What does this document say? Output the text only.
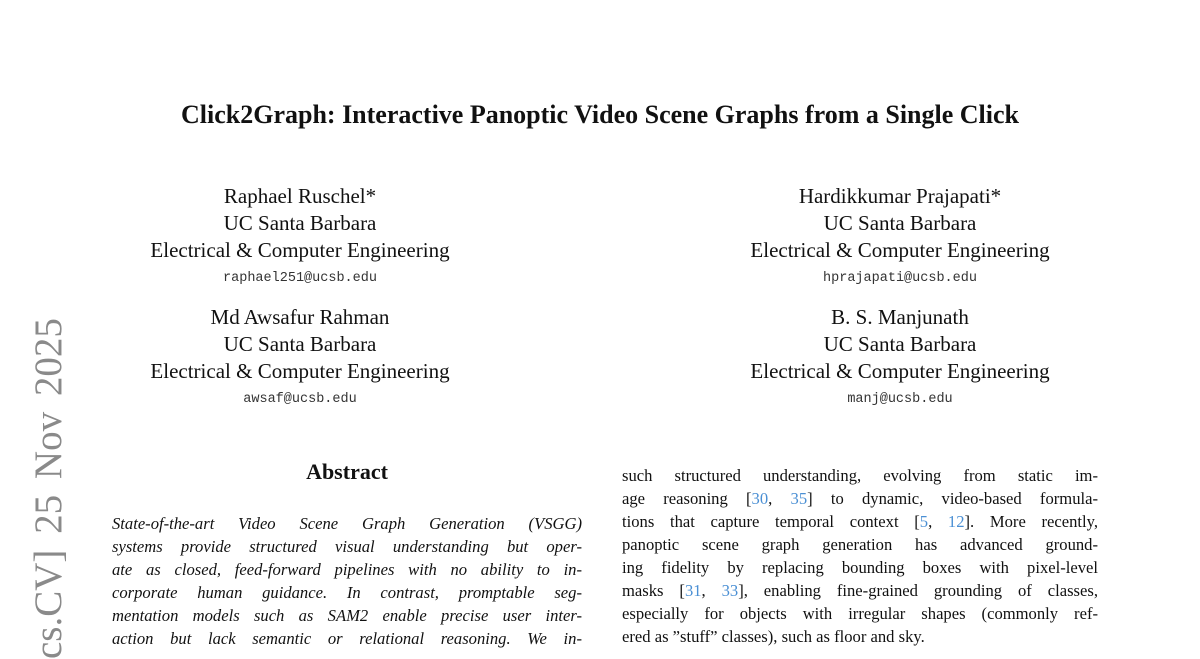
cs.CV] 25 Nov 2025
Click2Graph: Interactive Panoptic Video Scene Graphs from a Single Click
Raphael Ruschel*
UC Santa Barbara
Electrical & Computer Engineering
raphael251@ucsb.edu
Hardikkumar Prajapati*
UC Santa Barbara
Electrical & Computer Engineering
hprajapati@ucsb.edu
Md Awsafur Rahman
UC Santa Barbara
Electrical & Computer Engineering
awsaf@ucsb.edu
B. S. Manjunath
UC Santa Barbara
Electrical & Computer Engineering
manj@ucsb.edu
Abstract
State-of-the-art Video Scene Graph Generation (VSGG)
systems provide structured visual understanding but oper-
ate as closed, feed-forward pipelines with no ability to in-
corporate human guidance. In contrast, promptable seg-
mentation models such as SAM2 enable precise user inter-
action but lack semantic or relational reasoning. We in-
such structured understanding, evolving from static im-
age reasoning [30, 35] to dynamic, video-based formula-
tions that capture temporal context [5, 12]. More recently,
panoptic scene graph generation has advanced ground-
ing fidelity by replacing bounding boxes with pixel-level
masks [31, 33], enabling fine-grained grounding of classes,
especially for objects with irregular shapes (commonly ref-
ered as ”stuff” classes), such as floor and sky.
